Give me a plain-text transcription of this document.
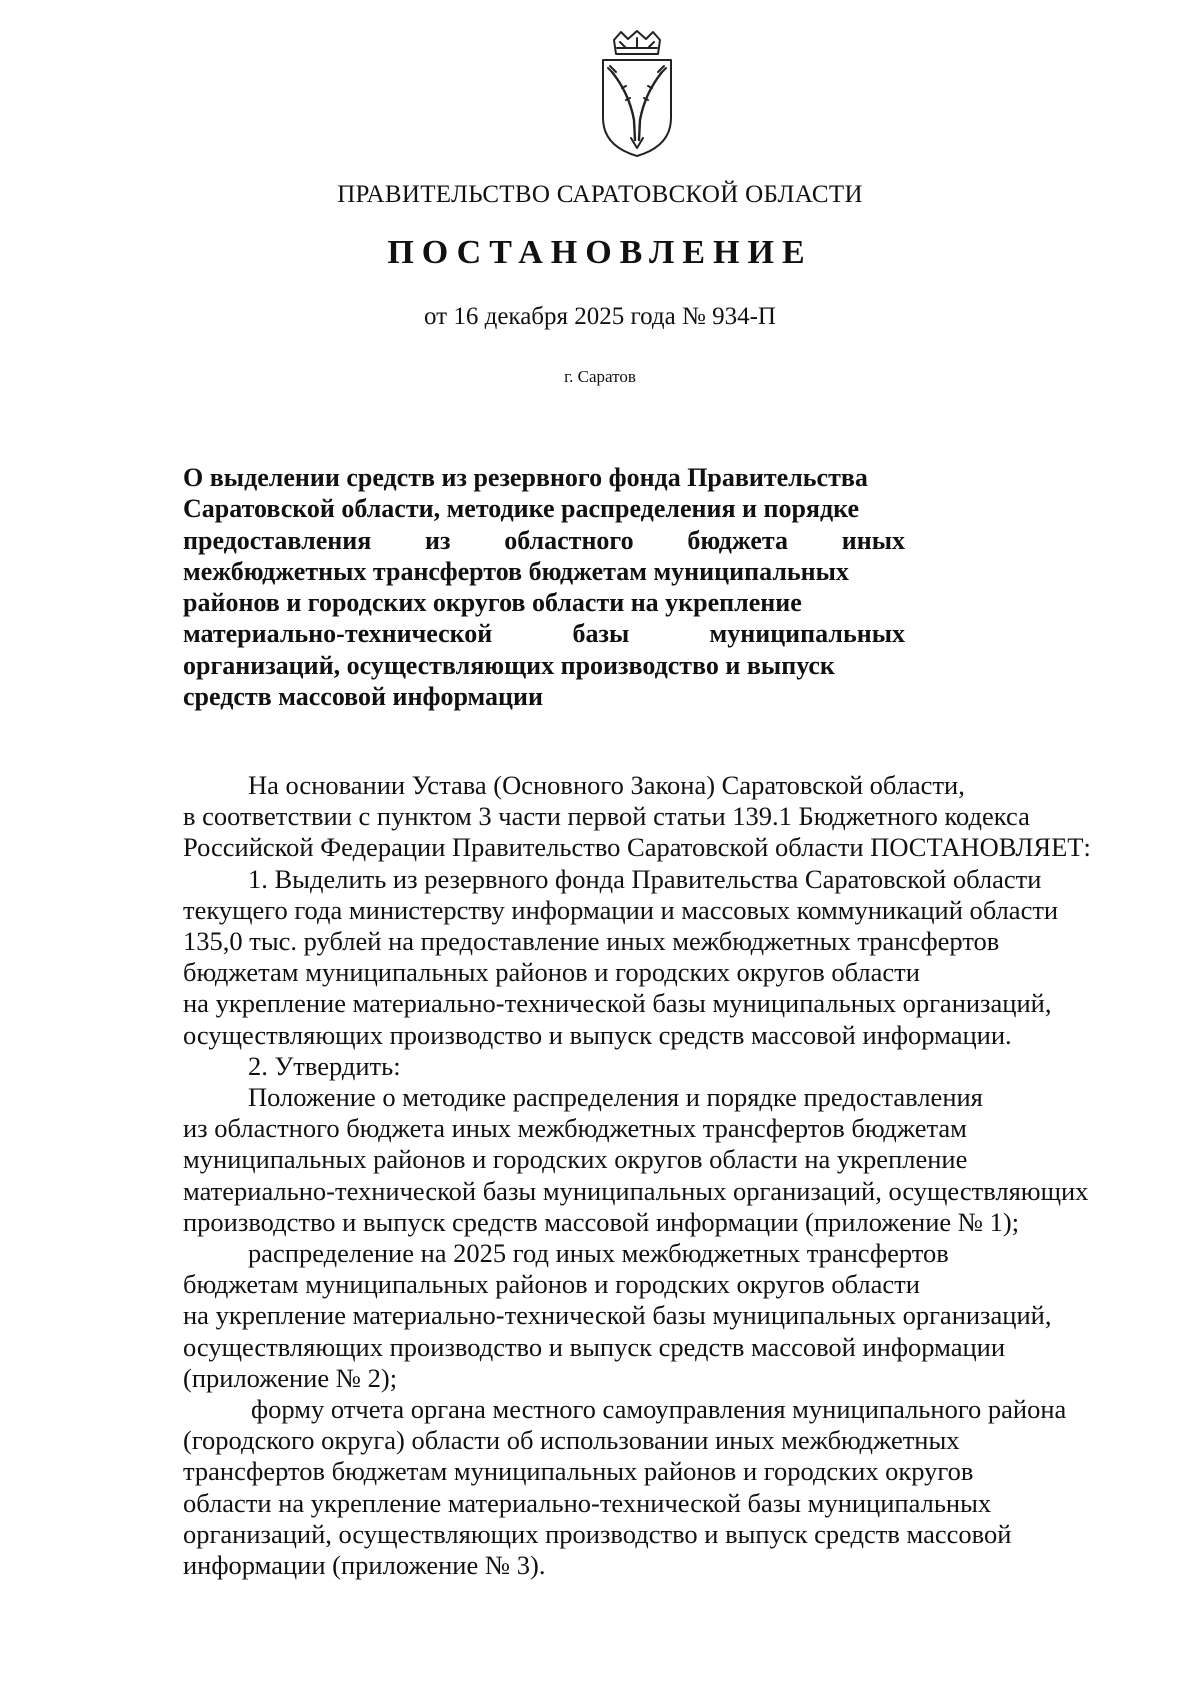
ПРАВИТЕЛЬСТВО САРАТОВСКОЙ ОБЛАСТИ
ПОСТАНОВЛЕНИЕ
от 16 декабря 2025 года № 934-П
г. Саратов
О выделении средств из резервного фонда Правительства
Саратовской области, методике распределения и порядке
предоставления из областного бюджета иных
межбюджетных трансфертов бюджетам муниципальных
районов и городских округов области на укрепление
материально-технической	базы	муниципальных
организаций, осуществляющих производство и выпуск
средств массовой информации
На основании Устава (Основного Закона) Саратовской области,
в соответствии с пунктом 3 части первой статьи 139.1 Бюджетного кодекса
Российской Федерации Правительство Саратовской области ПОСТАНОВЛЯЕТ:
1. Выделить из резервного фонда Правительства Саратовской области
текущего года министерству информации и массовых коммуникаций области
135,0 тыс. рублей на предоставление иных межбюджетных трансфертов
бюджетам муниципальных районов и городских округов области
на укрепление материально-технической базы муниципальных организаций,
осуществляющих производство и выпуск средств массовой информации.
2. Утвердить:
Положение о методике распределения и порядке предоставления
из областного бюджета иных межбюджетных трансфертов бюджетам
муниципальных районов и городских округов области на укрепление
материально-технической базы муниципальных организаций, осуществляющих
производство и выпуск средств массовой информации (приложение № 1);
распределение на 2025 год иных межбюджетных трансфертов
бюджетам муниципальных районов и городских округов области
на укрепление материально-технической базы муниципальных организаций,
осуществляющих производство и выпуск средств массовой информации
(приложение № 2);
форму отчета органа местного самоуправления муниципального района
(городского округа) области об использовании иных межбюджетных
трансфертов бюджетам муниципальных районов и городских округов
области на укрепление материально-технической базы муниципальных
организаций, осуществляющих производство и выпуск средств массовой
информации (приложение № 3).
